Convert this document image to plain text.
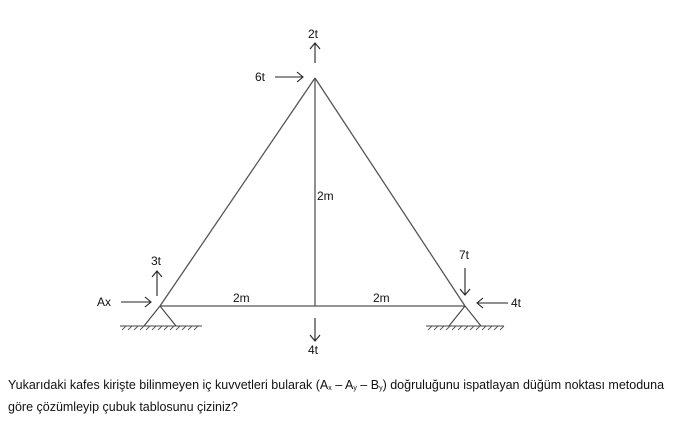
2t
6t
3t
Ax
7t
4t
4t
2m
2m	2m
Yukarıdaki kafes kirişte bilinmeyen iç kuvvetleri bularak $(A_x - A_y - B_y)$ doğruluğunu ispatlayan düğüm noktası metoduna göre çözümleyip çubuk tablosunu çiziniz?
